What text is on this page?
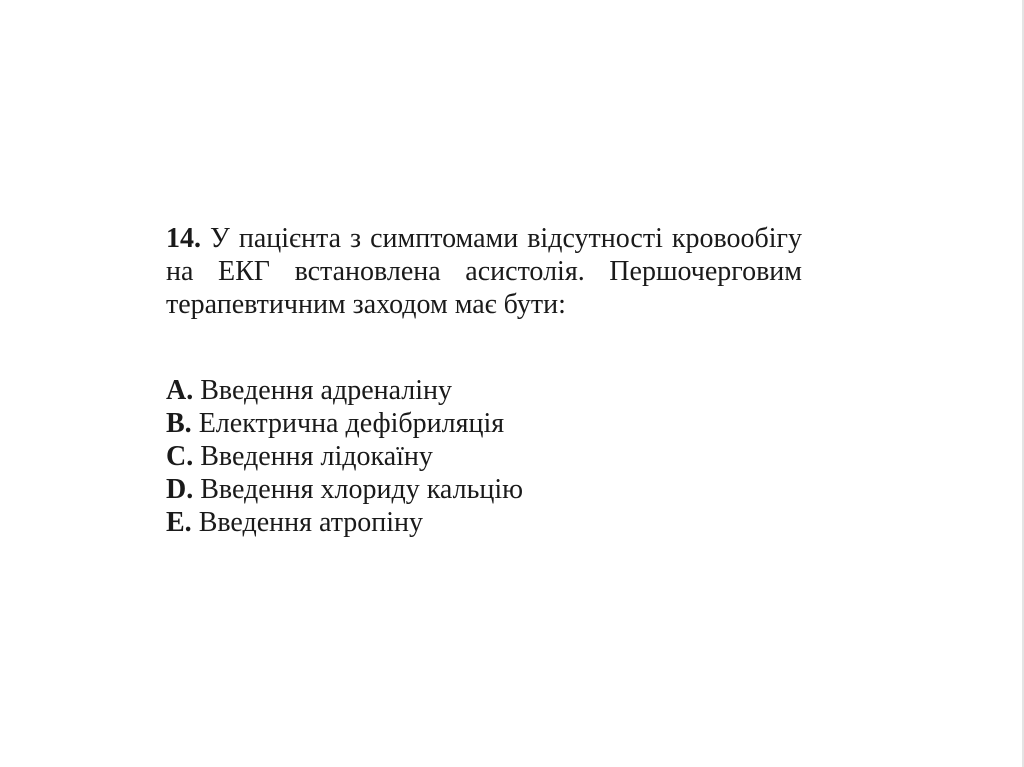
14. У пацієнта з симптомами відсутності кровообігу на ЕКГ встановлена асистолія. Першочерговим терапевтичним заходом має бути:

A. Введення адреналіну
B. Електрична дефібриляція
C. Введення лідокаїну
D. Введення хлориду кальцію
E. Введення атропіну
